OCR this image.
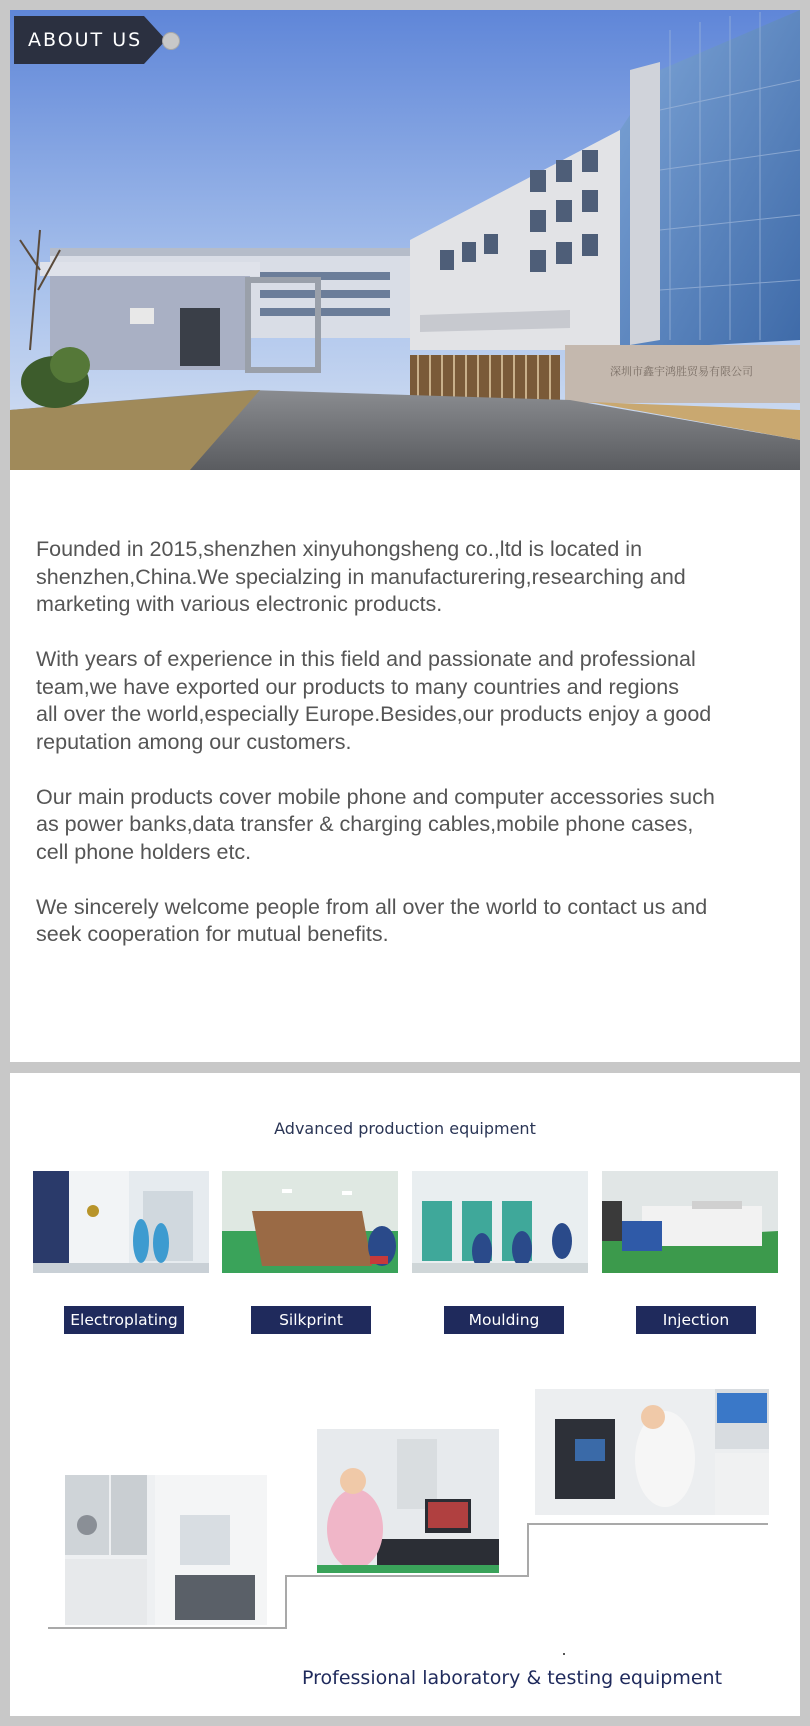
深圳市鑫宇鸿胜贸易有限公司
ABOUT US

Founded in 2015,shenzhen xinyuhongsheng co.,ltd is located in
shenzhen,China.We specialzing in manufacturering,researching and
marketing with various electronic products.

With years of experience in this field and passionate and professional
team,we have exported our products to many countries and regions
all over the world,especially Europe.Besides,our products enjoy a good
reputation among our customers.

Our main products cover mobile phone and computer accessories such
as power banks,data transfer & charging cables,mobile phone cases,
cell phone holders etc.

We sincerely welcome people from all over the world to contact us and
seek cooperation for mutual benefits.

Advanced production equipment
Electroplating	Silkprint	Moulding	Injection
Professional laboratory & testing equipment
